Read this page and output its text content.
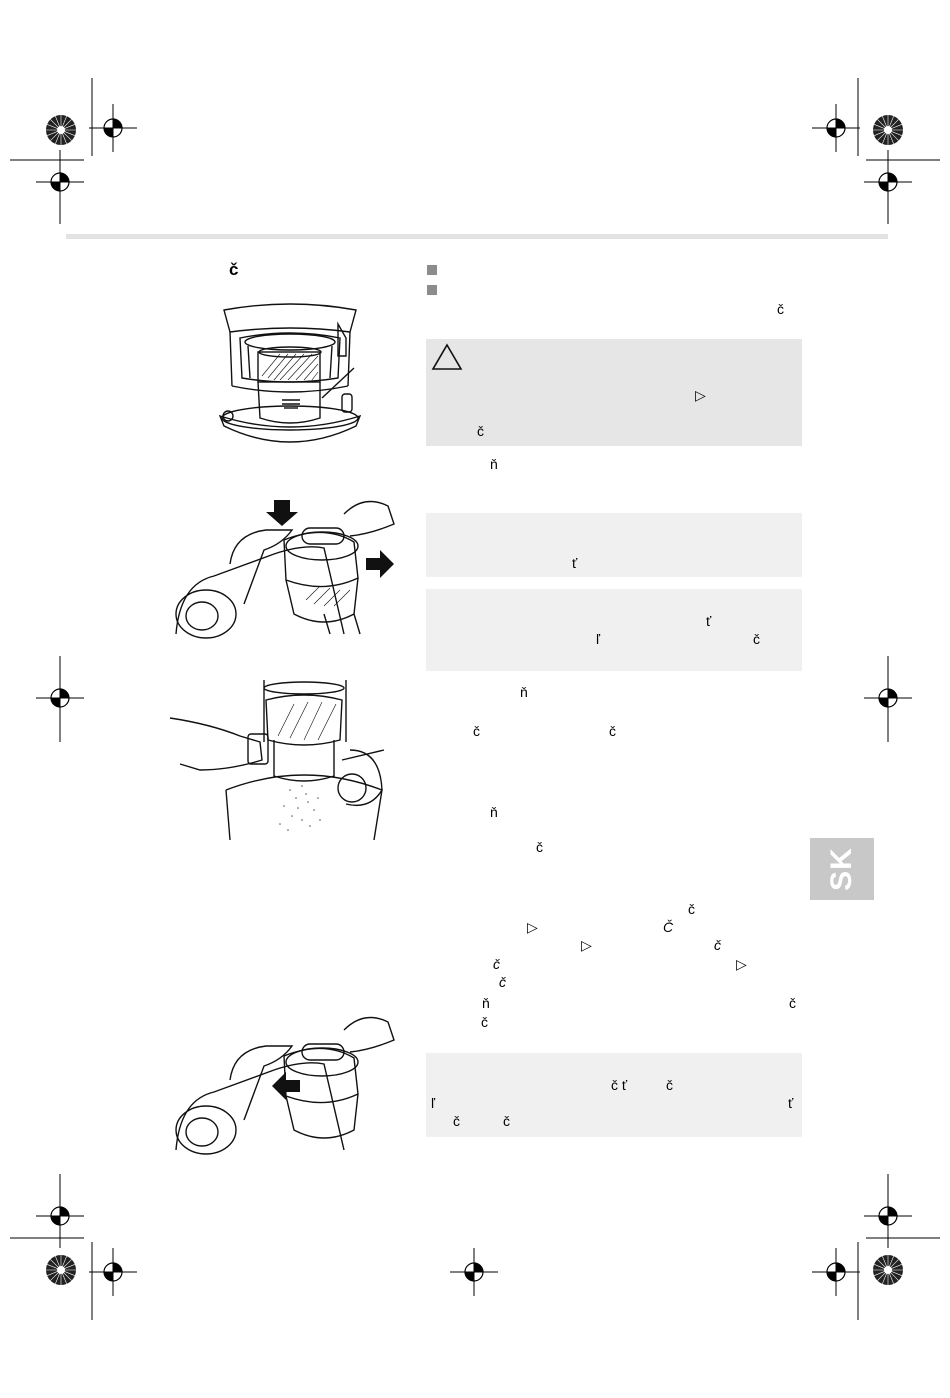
č
č
▷
č
ň
ť
ť
ľ	č
ň
č	č
ň
č
č
▷	Č
▷	č
č	▷
č
ň	č
č
č ť	č
ľ	ť
č	č
SK
